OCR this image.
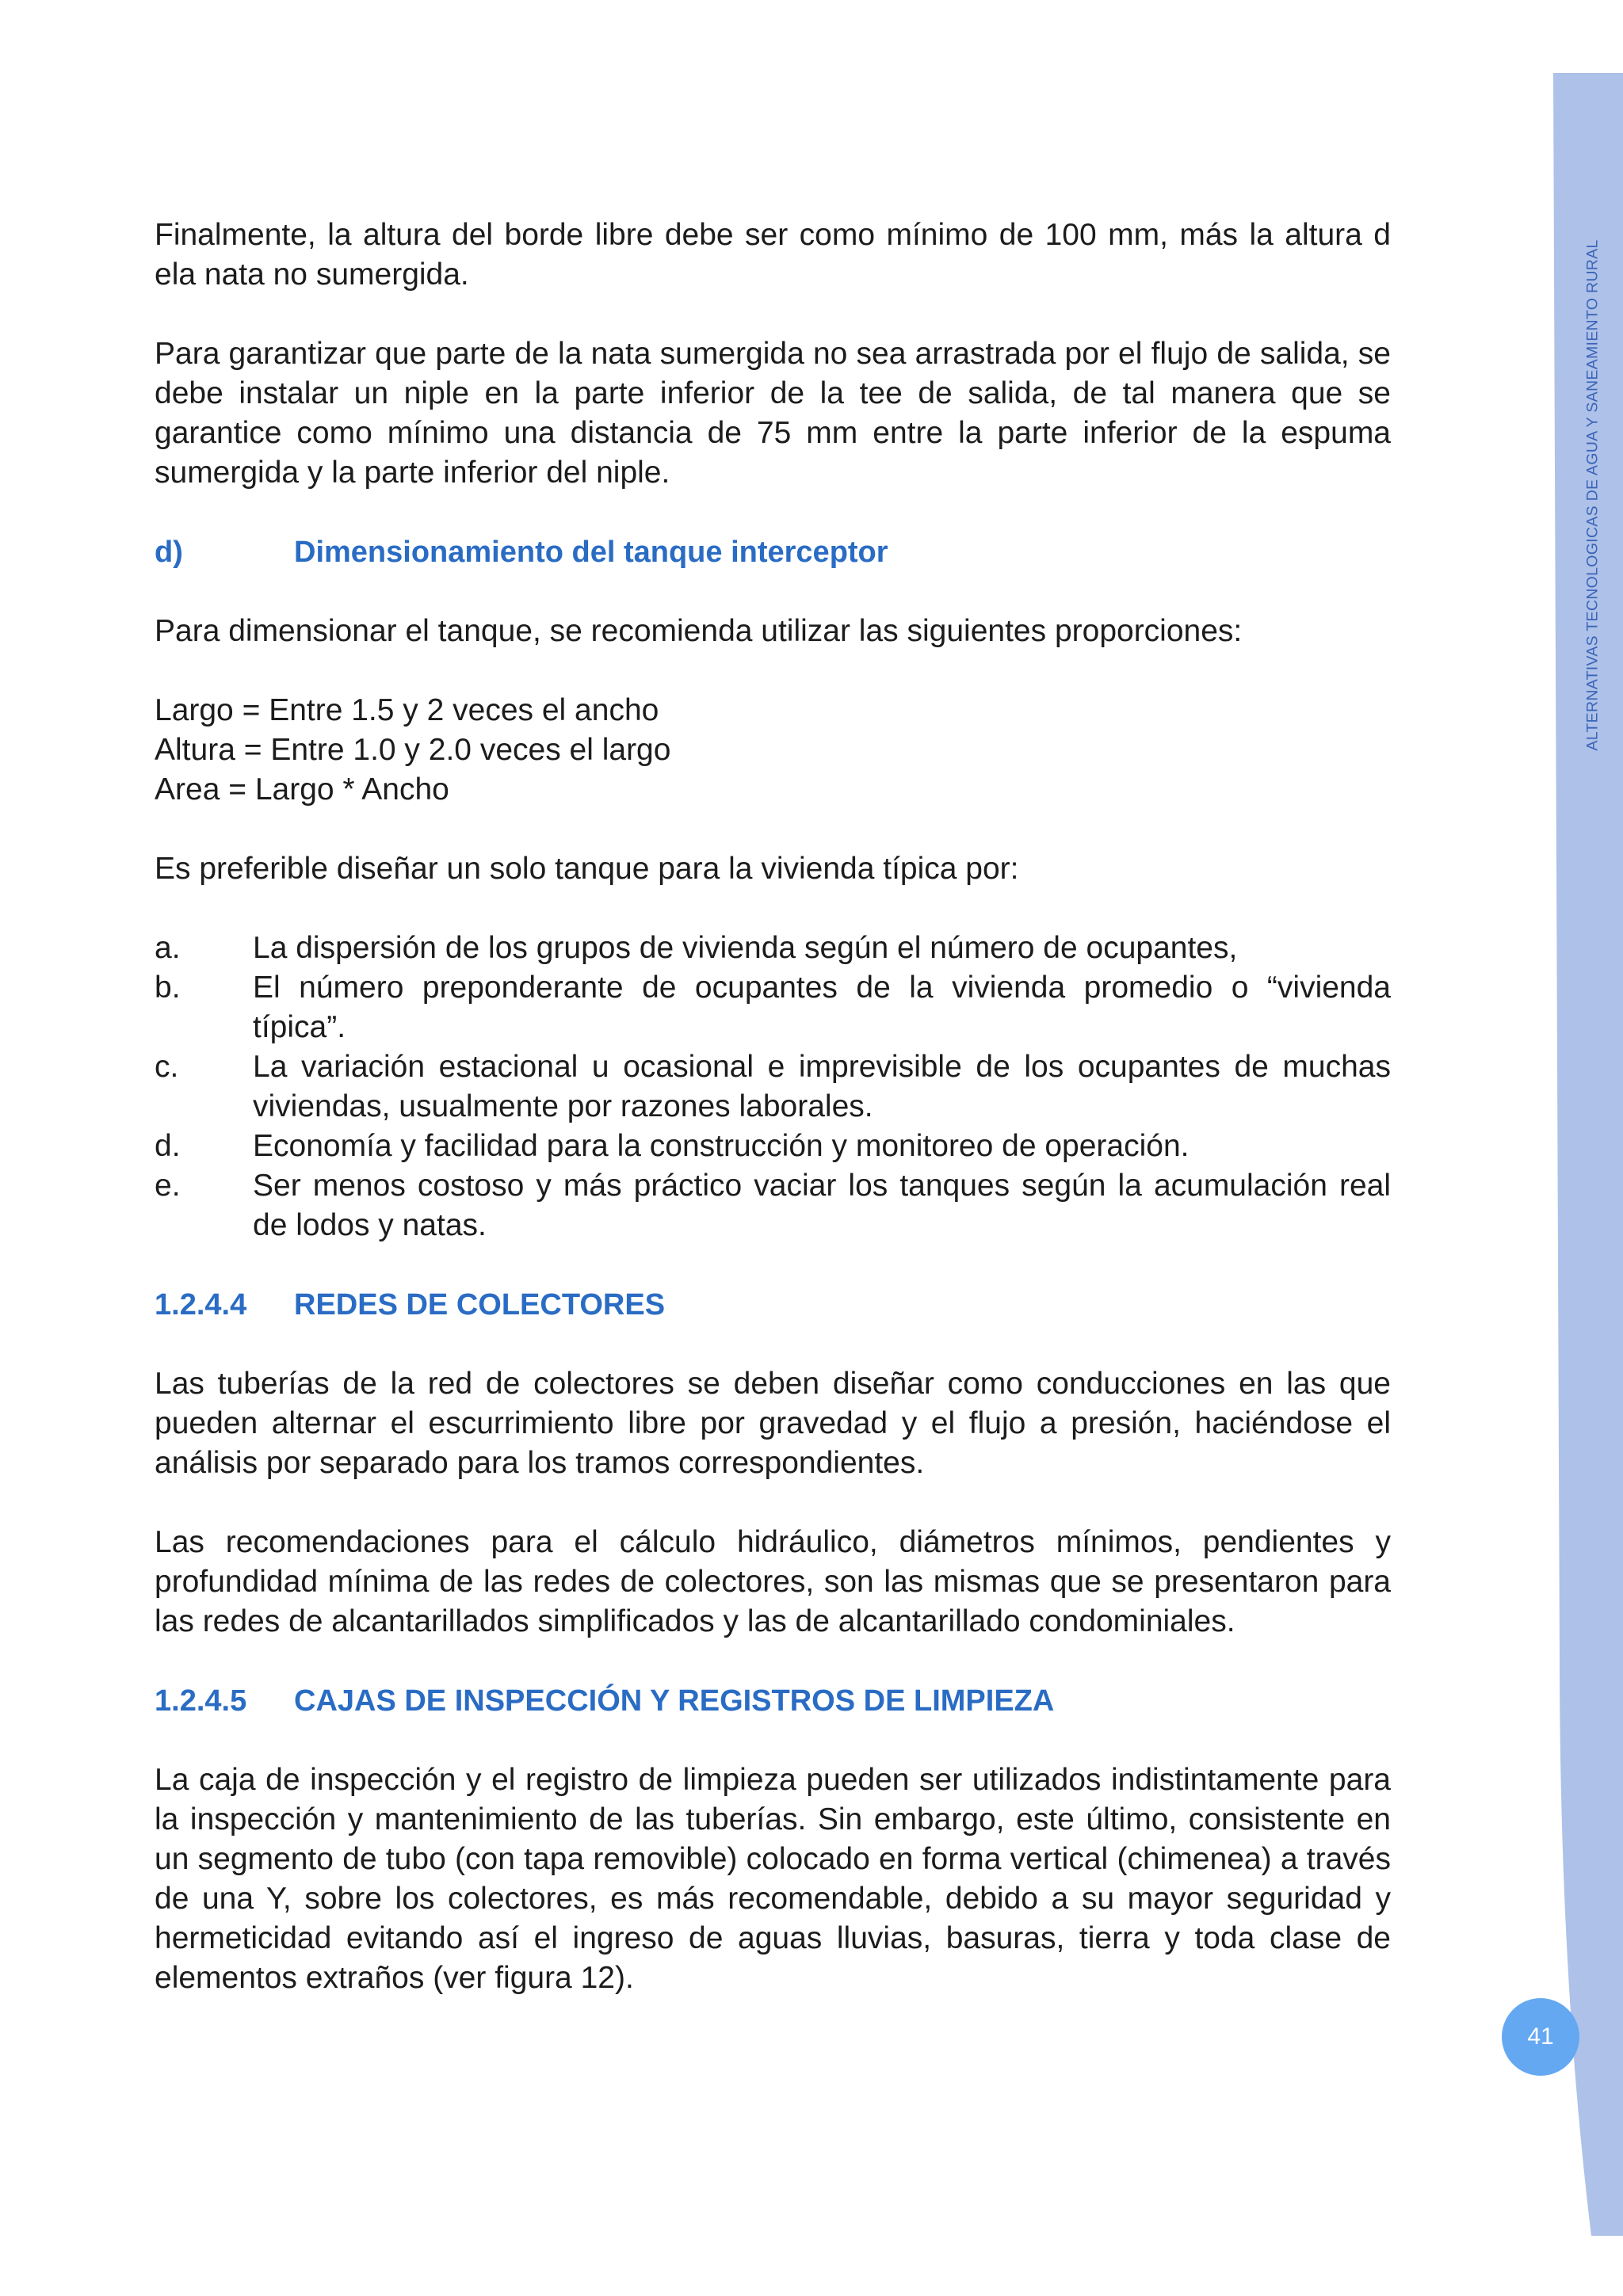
ALTERNATIVAS TECNOLOGICAS DE AGUA Y SANEAMIENTO RURAL
41

Finalmente, la altura del borde libre debe ser como mínimo de 100 mm, más la altura d ela nata no sumergida.

Para garantizar que parte de la nata sumergida no sea arrastrada por el flujo de salida, se debe instalar un niple en la parte inferior de la tee de salida, de tal manera que se garantice como mínimo una distancia de 75 mm entre la parte inferior de la espuma sumergida y la parte inferior del niple.

d)	Dimensionamiento del tanque interceptor

Para dimensionar el tanque, se recomienda utilizar las siguientes proporciones:

Largo = Entre 1.5 y 2 veces el ancho
Altura = Entre 1.0 y 2.0 veces el largo
Area = Largo * Ancho

Es preferible diseñar un solo tanque para la vivienda típica por:

a.	La dispersión de los grupos de vivienda según el número de ocupantes,
b.	El número preponderante de ocupantes de la vivienda promedio o “vivienda típica”.
c.	La variación estacional u ocasional e imprevisible de los ocupantes de muchas viviendas, usualmente por razones laborales.
d.	Economía y facilidad para la construcción y monitoreo de operación.
e.	Ser menos costoso y más práctico vaciar los tanques según la acumulación real de lodos y natas.
1.2.4.4	REDES DE COLECTORES

Las tuberías de la red de colectores se deben diseñar como conducciones en las que pueden alternar el escurrimiento libre por gravedad y el flujo a presión, haciéndose el análisis por separado para los tramos correspondientes.

Las recomendaciones para el cálculo hidráulico, diámetros mínimos, pendientes y profundidad mínima de las redes de colectores, son las mismas que se presentaron para las redes de alcantarillados simplificados y las de alcantarillado condominiales.

1.2.4.5	CAJAS DE INSPECCIÓN Y REGISTROS DE LIMPIEZA

La caja de inspección y el registro de limpieza pueden ser utilizados indistintamente para la inspección y mantenimiento de las tuberías. Sin embargo, este último, consistente en un segmento de tubo (con tapa removible) colocado en forma vertical (chimenea) a través de una Y, sobre los colectores, es más recomendable, debido a su mayor seguridad y hermeticidad evitando así el ingreso de aguas lluvias, basuras, tierra y toda clase de elementos extraños (ver figura 12).
